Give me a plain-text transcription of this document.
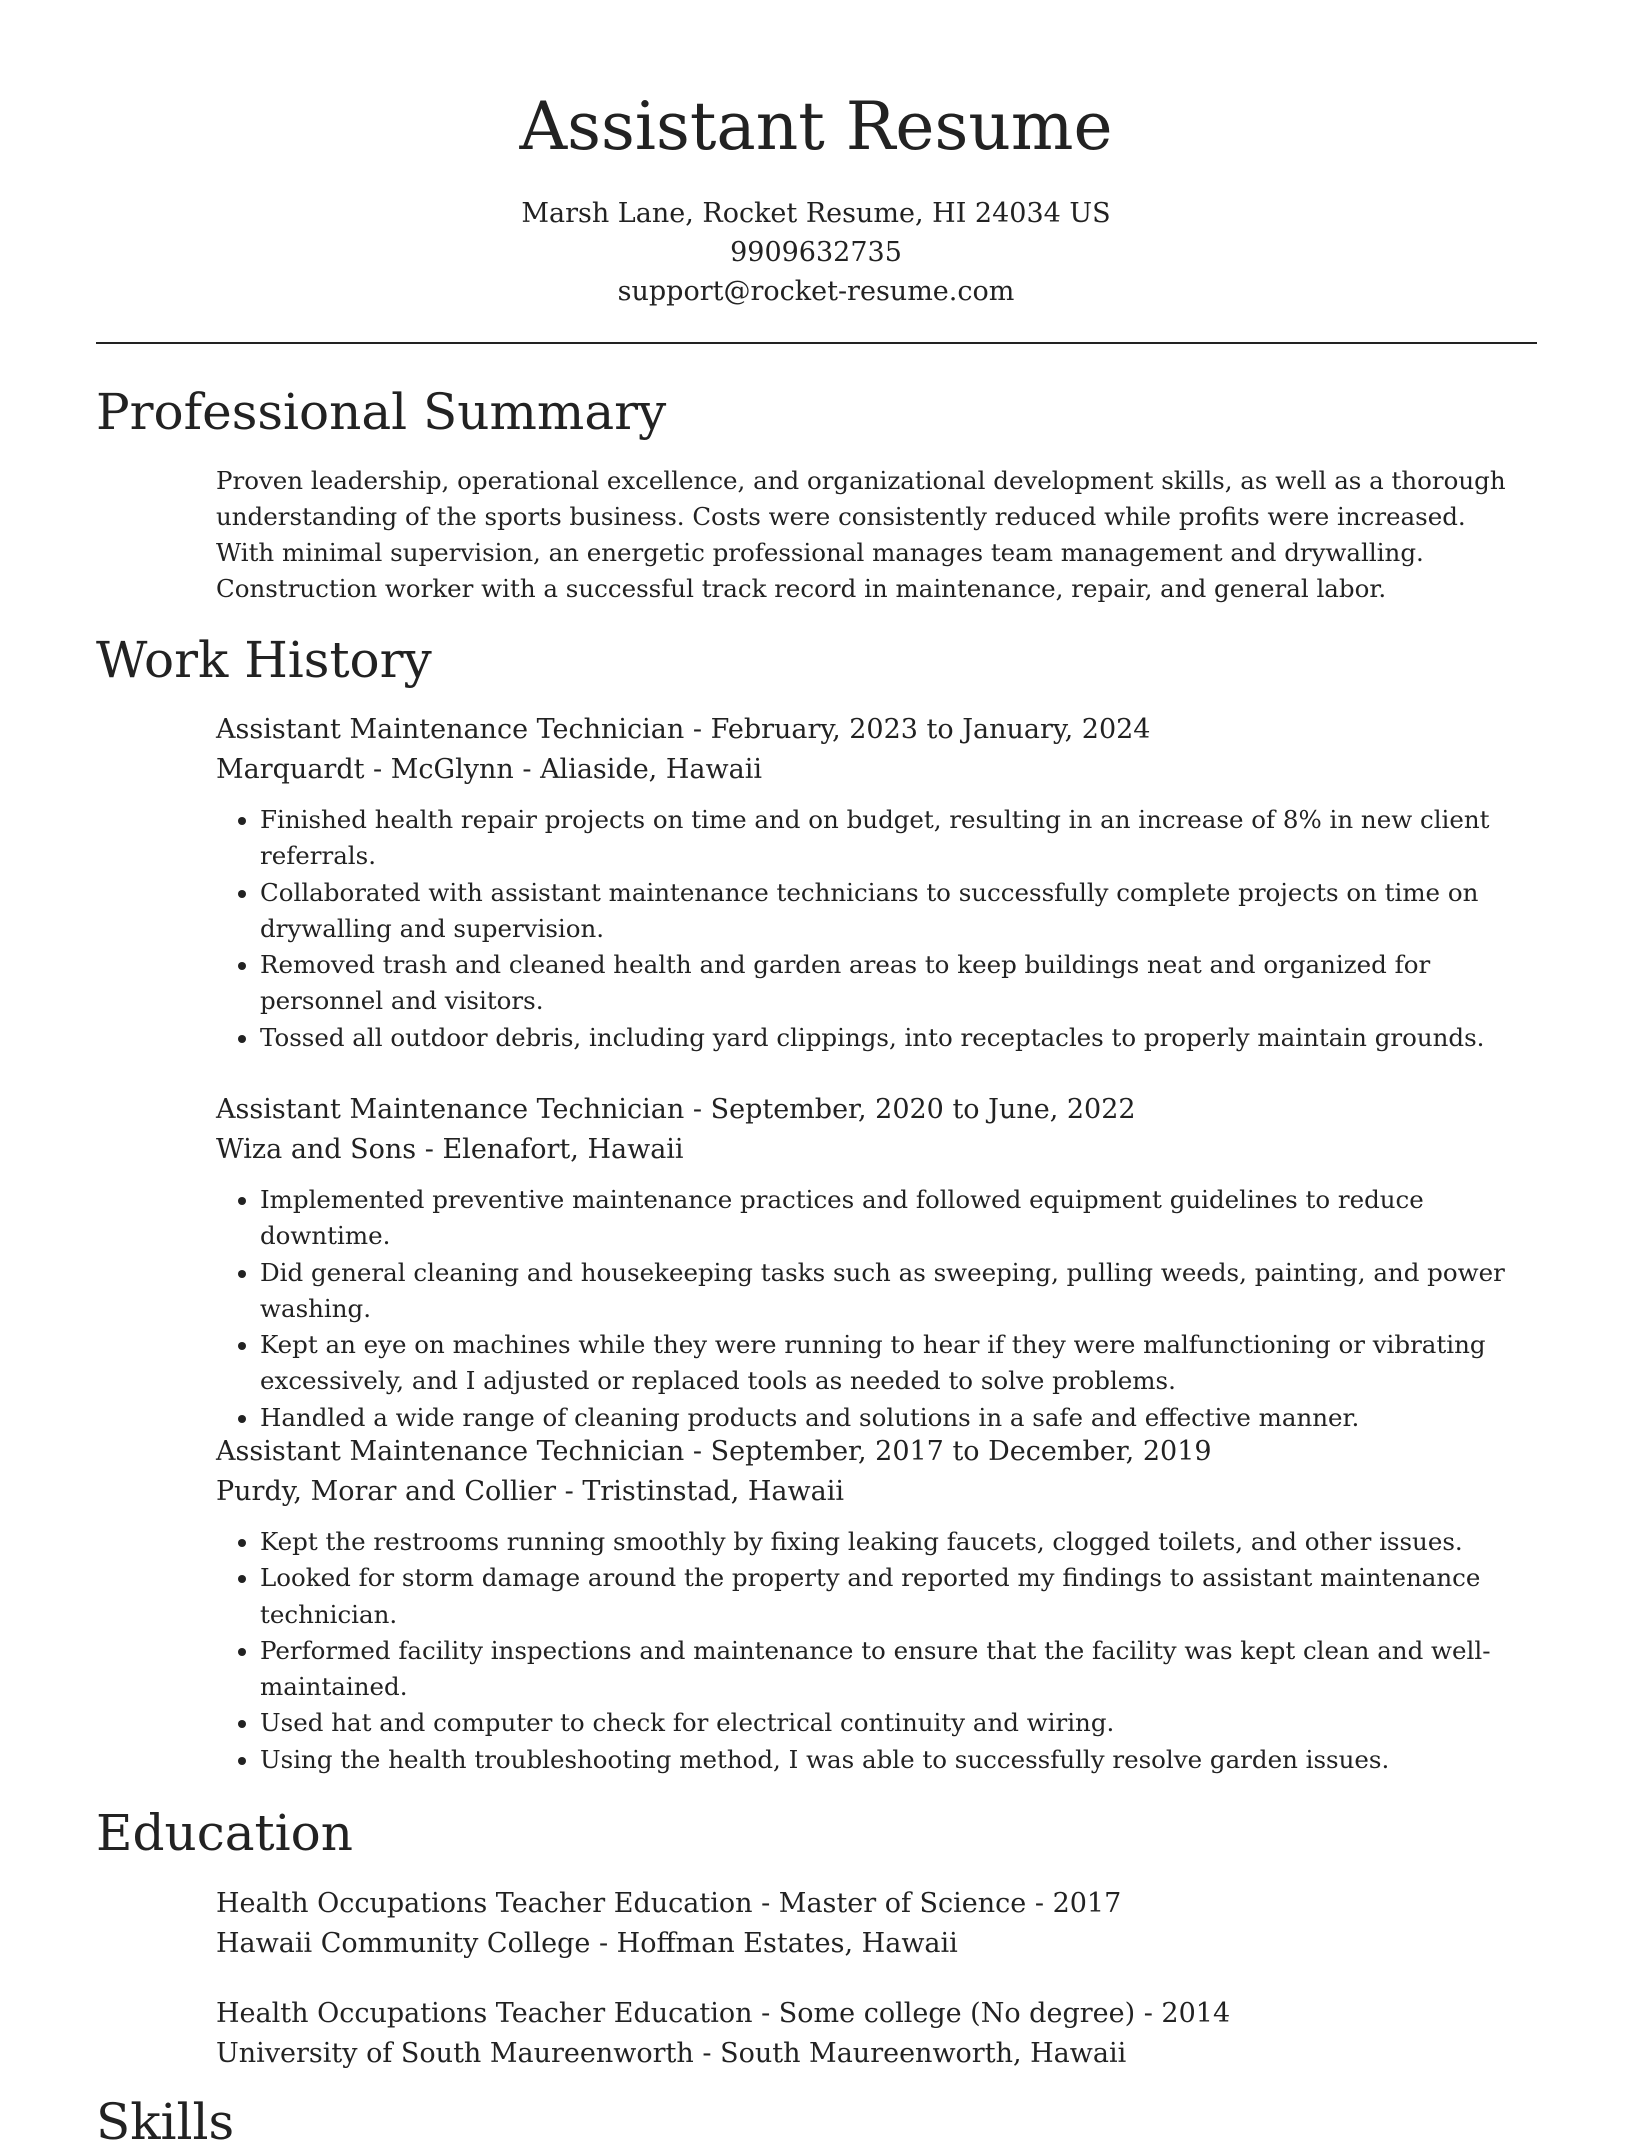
Assistant Resume
Marsh Lane, Rocket Resume, HI 24034 US
9909632735
support@rocket-resume.com
Professional Summary
Proven leadership, operational excellence, and organizational development skills, as well as a thorough understanding of the sports business. Costs were consistently reduced while profits were increased. With minimal supervision, an energetic professional manages team management and drywalling. Construction worker with a successful track record in maintenance, repair, and general labor.
Work History
Assistant Maintenance Technician - February, 2023 to January, 2024
Marquardt - McGlynn - Aliaside, Hawaii
• Finished health repair projects on time and on budget, resulting in an increase of 8% in new client referrals.
• Collaborated with assistant maintenance technicians to successfully complete projects on time on drywalling and supervision.
• Removed trash and cleaned health and garden areas to keep buildings neat and organized for personnel and visitors.
• Tossed all outdoor debris, including yard clippings, into receptacles to properly maintain grounds.
Assistant Maintenance Technician - September, 2020 to June, 2022
Wiza and Sons - Elenafort, Hawaii
• Implemented preventive maintenance practices and followed equipment guidelines to reduce downtime.
• Did general cleaning and housekeeping tasks such as sweeping, pulling weeds, painting, and power washing.
• Kept an eye on machines while they were running to hear if they were malfunctioning or vibrating excessively, and I adjusted or replaced tools as needed to solve problems.
• Handled a wide range of cleaning products and solutions in a safe and effective manner.
Assistant Maintenance Technician - September, 2017 to December, 2019
Purdy, Morar and Collier - Tristinstad, Hawaii
• Kept the restrooms running smoothly by fixing leaking faucets, clogged toilets, and other issues.
• Looked for storm damage around the property and reported my findings to assistant maintenance technician.
• Performed facility inspections and maintenance to ensure that the facility was kept clean and well-maintained.
• Used hat and computer to check for electrical continuity and wiring.
• Using the health troubleshooting method, I was able to successfully resolve garden issues.
Education
Health Occupations Teacher Education - Master of Science - 2017
Hawaii Community College - Hoffman Estates, Hawaii
Health Occupations Teacher Education - Some college (No degree) - 2014
University of South Maureenworth - South Maureenworth, Hawaii
Skills
